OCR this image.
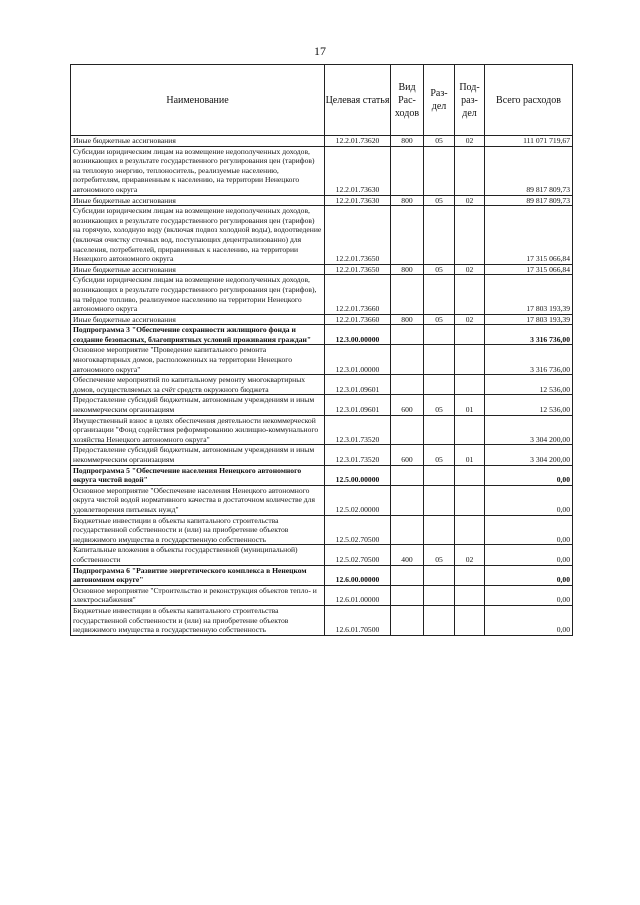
17
Наименование	Целевая статья	Вид Рас-ходов	Раз-дел	Под-раз-дел	Всего расходов
Иные бюджетные ассигнования	12.2.01.73620	800	05	02	111 071 719,67
Субсидии юридическим лицам на возмещение недополученных доходов, возникающих в результате государственного регулирования цен (тарифов) на тепловую энергию, теплоноситель, реализуемые населению, потребителям, приравненным к населению, на территории Ненецкого автономного округа	12.2.01.73630				89 817 809,73
Иные бюджетные ассигнования	12.2.01.73630	800	05	02	89 817 809,73
Субсидии юридическим лицам на возмещение недополученных доходов, возникающих в результате государственного регулирования цен (тарифов) на горячую, холодную воду (включая подвоз холодной воды), водоотведение (включая очистку сточных вод, поступающих децентрализованно) для населения, потребителей, приравненных к населению, на территории Ненецкого автономного округа	12.2.01.73650				17 315 066,84
Иные бюджетные ассигнования	12.2.01.73650	800	05	02	17 315 066,84
Субсидии юридическим лицам на возмещение недополученных доходов, возникающих в результате государственного регулирования цен (тарифов), на твёрдое топливо, реализуемое населению на территории Ненецкого автономного округа	12.2.01.73660				17 803 193,39
Иные бюджетные ассигнования	12.2.01.73660	800	05	02	17 803 193,39
Подпрограмма 3 "Обеспечение сохранности жилищного фонда и создание безопасных, благоприятных условий проживания граждан"	12.3.00.00000				3 316 736,00
Основное мероприятие "Проведение капитального ремонта многоквартирных домов, расположенных на территории Ненецкого автономного округа"	12.3.01.00000				3 316 736,00
Обеспечение мероприятий по капитальному ремонту многоквартирных домов, осуществляемых за счёт средств окружного бюджета	12.3.01.09601				12 536,00
Предоставление субсидий бюджетным, автономным учреждениям и иным некоммерческим организациям	12.3.01.09601	600	05	01	12 536,00
Имущественный взнос в целях обеспечения деятельности некоммерческой организации "Фонд содействия реформированию жилищно-коммунального хозяйства Ненецкого автономного округа"	12.3.01.73520				3 304 200,00
Предоставление субсидий бюджетным, автономным учреждениям и иным некоммерческим организациям	12.3.01.73520	600	05	01	3 304 200,00
Подпрограмма 5 "Обеспечение населения Ненецкого автономного округа чистой водой"	12.5.00.00000				0,00
Основное мероприятие "Обеспечение населения Ненецкого автономного округа чистой водой нормативного качества в достаточном количестве для удовлетворения питьевых нужд"	12.5.02.00000				0,00
Бюджетные инвестиции в объекты капитального строительства государственной собственности и (или) на приобретение объектов недвижимого имущества в государственную собственность	12.5.02.70500				0,00
Капитальные вложения в объекты государственной (муниципальной) собственности	12.5.02.70500	400	05	02	0,00
Подпрограмма 6 "Развитие энергетического комплекса в Ненецком автономном округе"	12.6.00.00000				0,00
Основное мероприятие "Строительство и реконструкция объектов тепло- и электроснабжения"	12.6.01.00000				0,00
Бюджетные инвестиции в объекты капитального строительства государственной собственности и (или) на приобретение объектов недвижимого имущества в государственную собственность	12.6.01.70500				0,00
